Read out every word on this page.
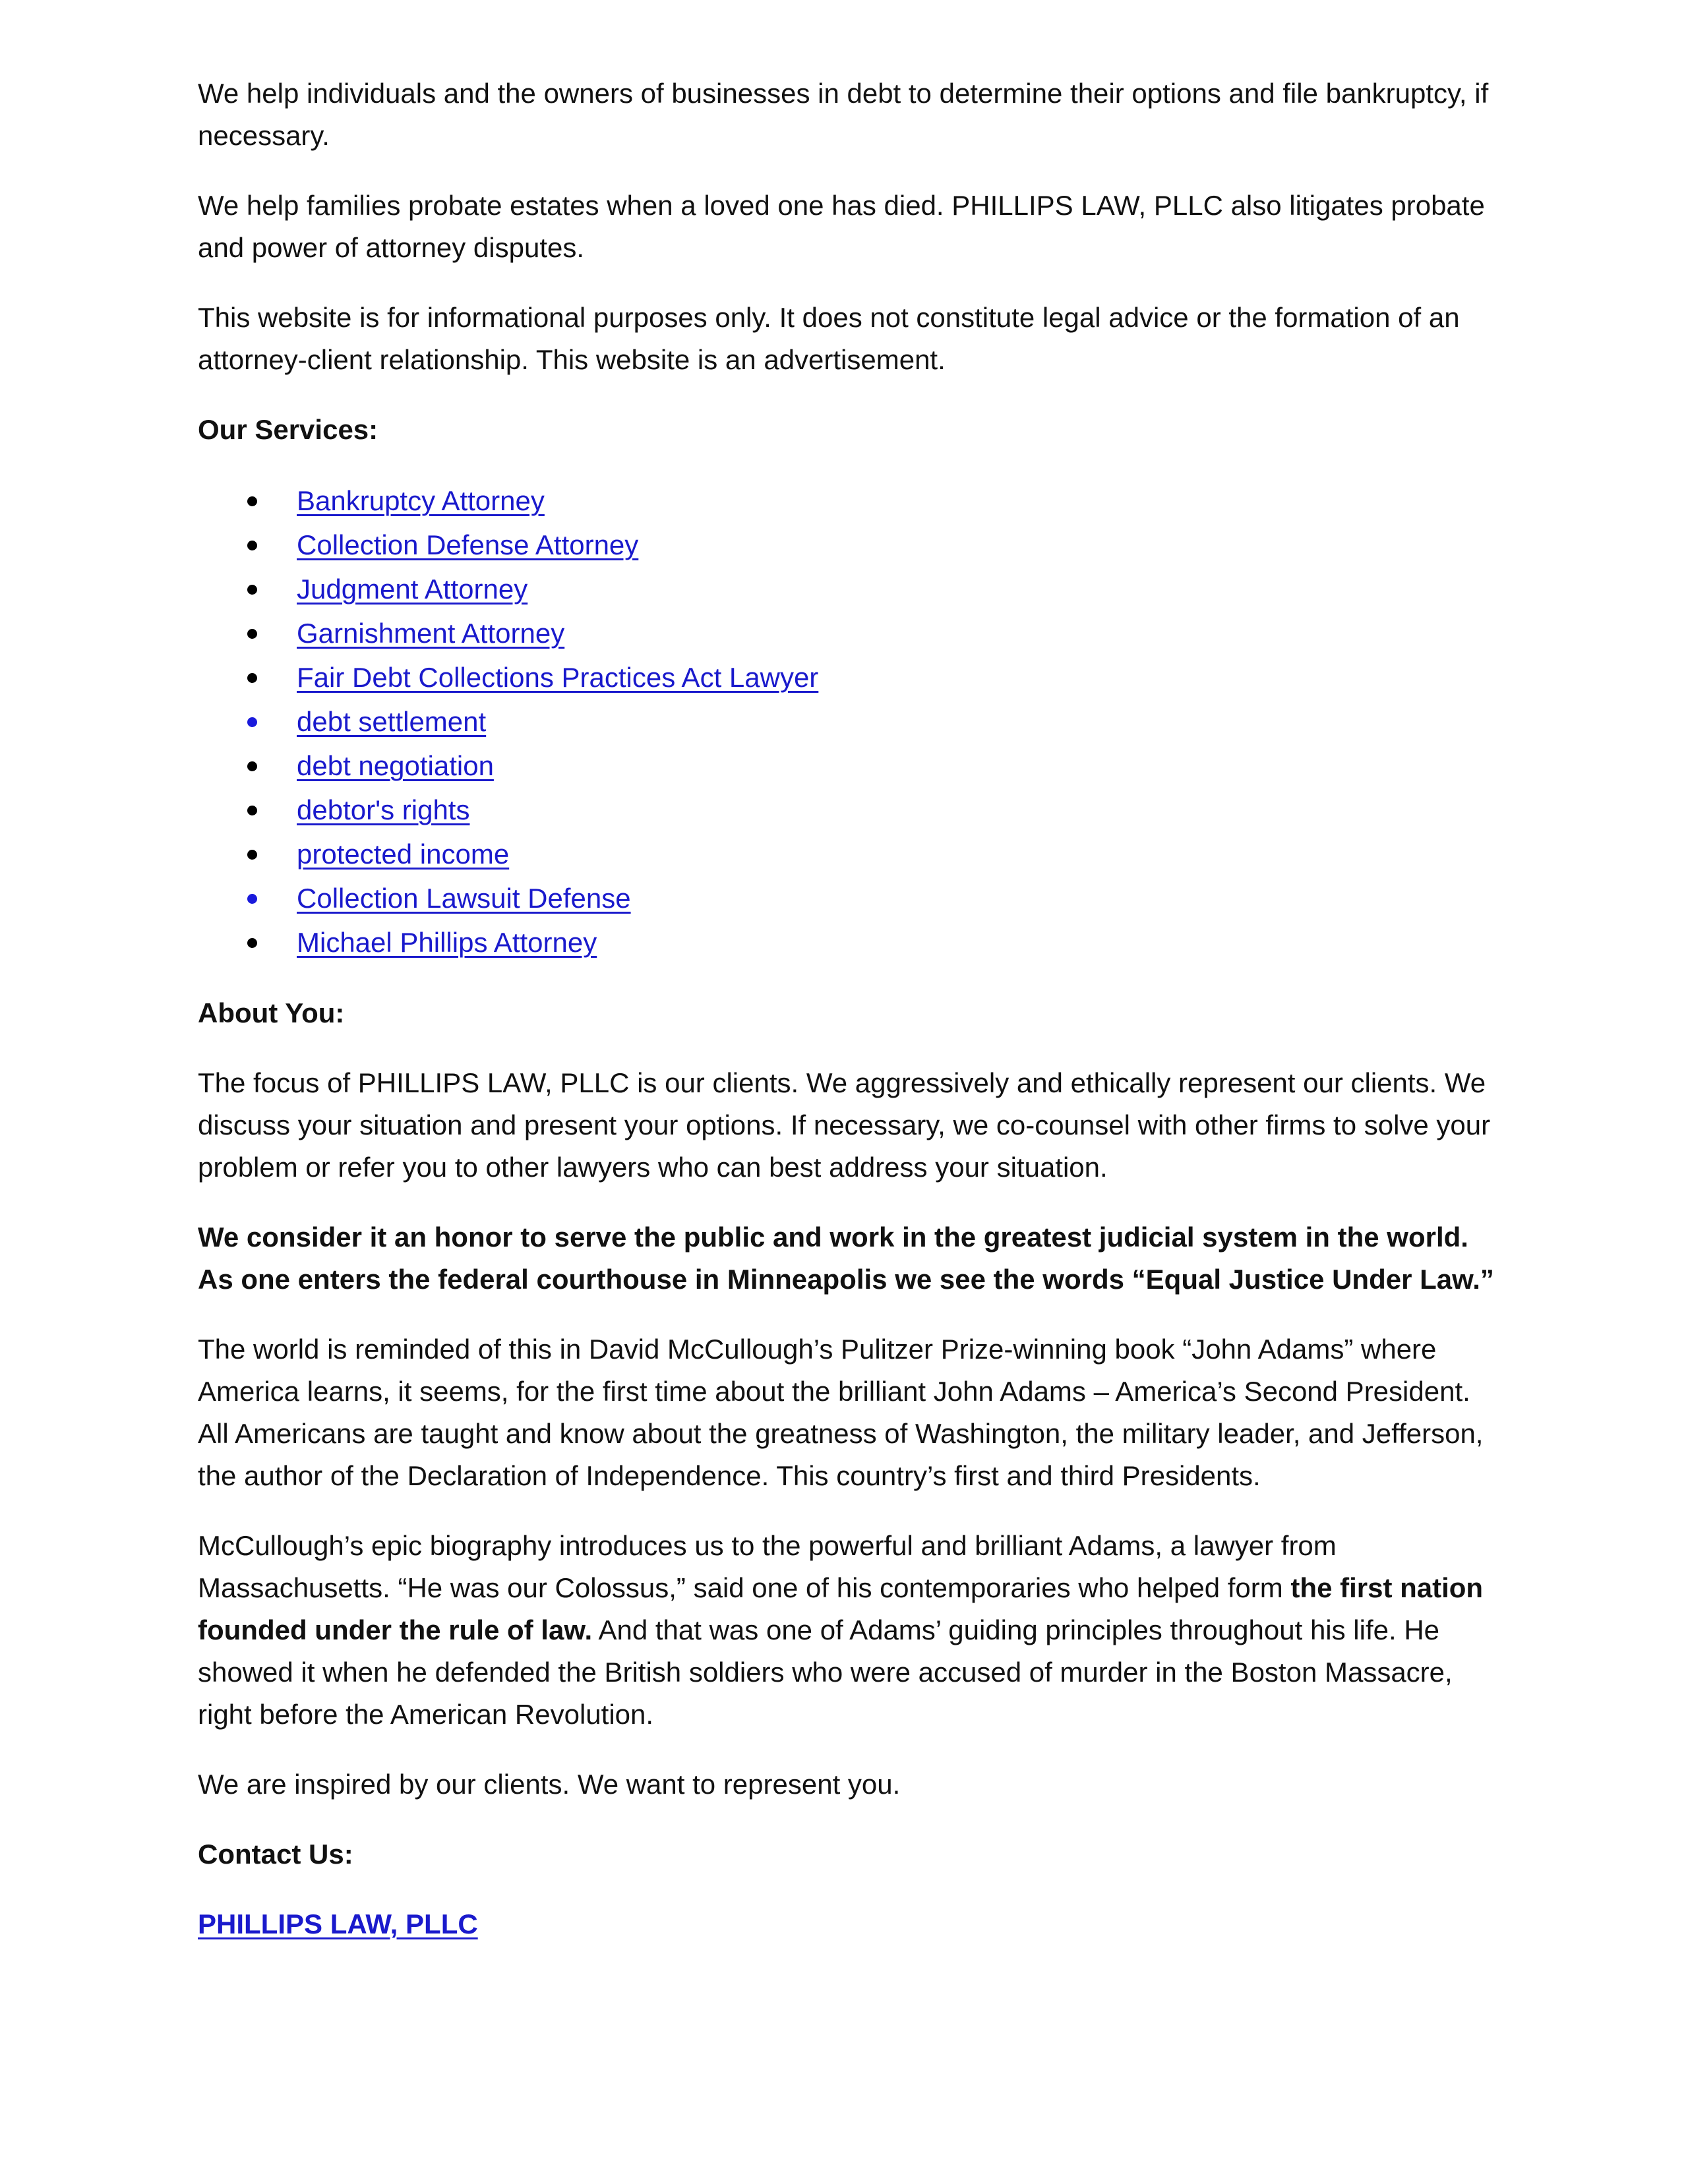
We help individuals and the owners of businesses in debt to determine their options and file bankruptcy, if necessary.

We help families probate estates when a loved one has died. PHILLIPS LAW, PLLC also litigates probate and power of attorney disputes.

This website is for informational purposes only. It does not constitute legal advice or the formation of an attorney-client relationship. This website is an advertisement.

Our Services:
Bankruptcy Attorney
Collection Defense Attorney
Judgment Attorney
Garnishment Attorney
Fair Debt Collections Practices Act Lawyer
debt settlement
debt negotiation
debtor's rights
protected income
Collection Lawsuit Defense
Michael Phillips Attorney
About You:

The focus of PHILLIPS LAW, PLLC is our clients. We aggressively and ethically represent our clients. We discuss your situation and present your options. If necessary, we co-counsel with other firms to solve your problem or refer you to other lawyers who can best address your situation.

We consider it an honor to serve the public and work in the greatest judicial system in the world. As one enters the federal courthouse in Minneapolis we see the words “Equal Justice Under Law.”

The world is reminded of this in David McCullough’s Pulitzer Prize-winning book “John Adams” where America learns, it seems, for the first time about the brilliant John Adams – America’s Second President. All Americans are taught and know about the greatness of Washington, the military leader, and Jefferson, the author of the Declaration of Independence. This country’s first and third Presidents.

McCullough’s epic biography introduces us to the powerful and brilliant Adams, a lawyer from Massachusetts. “He was our Colossus,” said one of his contemporaries who helped form the first nation founded under the rule of law. And that was one of Adams’ guiding principles throughout his life. He showed it when he defended the British soldiers who were accused of murder in the Boston Massacre, right before the American Revolution.

We are inspired by our clients. We want to represent you.

Contact Us:

PHILLIPS LAW, PLLC
